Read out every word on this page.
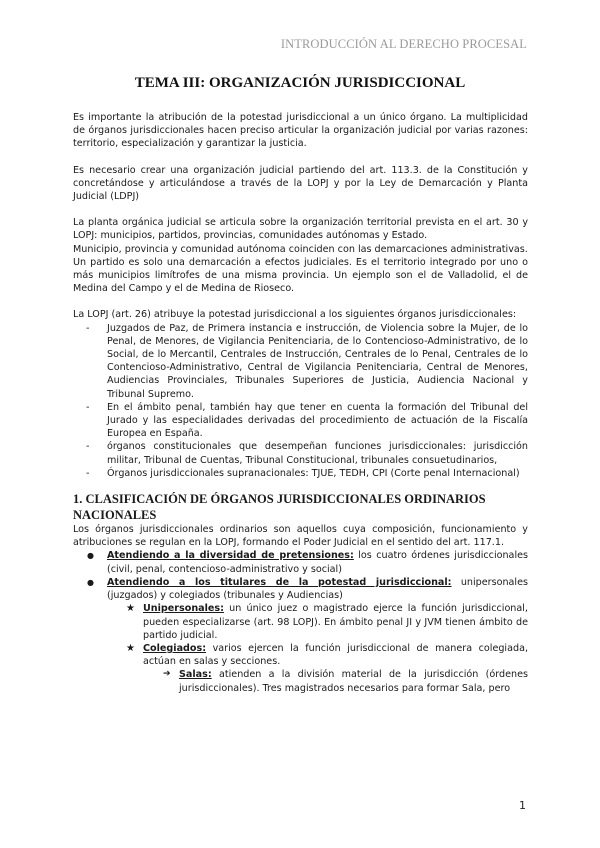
INTRODUCCIÓN AL DERECHO PROCESAL
TEMA III: ORGANIZACIÓN JURISDICCIONAL

Es importante la atribución de la potestad jurisdiccional a un único órgano. La multiplicidad de órganos jurisdiccionales hacen preciso articular la organización judicial por varias razones: territorio, especialización y garantizar la justicia.

Es necesario crear una organización judicial partiendo del art. 113.3. de la Constitución y concretándose y articulándose a través de la LOPJ y por la Ley de Demarcación y Planta Judicial (LDPJ)

La planta orgánica judicial se articula sobre la organización territorial prevista en el art. 30 y LOPJ: municipios, partidos, provincias, comunidades autónomas y Estado.

Municipio, provincia y comunidad autónoma coinciden con las demarcaciones administrativas.

Un partido es solo una demarcación a efectos judiciales. Es el territorio integrado por uno o más municipios limítrofes de una misma provincia. Un ejemplo son el de Valladolid, el de Medina del Campo y el de Medina de Rioseco.

La LOPJ (art. 26) atribuye la potestad jurisdiccional a los siguientes órganos jurisdiccionales:

- Juzgados de Paz, de Primera instancia e instrucción, de Violencia sobre la Mujer, de lo Penal, de Menores, de Vigilancia Penitenciaria, de lo Contencioso-Administrativo, de lo Social, de lo Mercantil, Centrales de Instrucción, Centrales de lo Penal, Centrales de lo Contencioso-Administrativo, Central de Vigilancia Penitenciaria, Central de Menores, Audiencias Provinciales, Tribunales Superiores de Justicia, Audiencia Nacional y Tribunal Supremo.
- En el ámbito penal, también hay que tener en cuenta la formación del Tribunal del Jurado y las especialidades derivadas del procedimiento de actuación de la Fiscalía Europea en España.
- órganos constitucionales que desempeñan funciones jurisdiccionales: jurisdicción militar, Tribunal de Cuentas, Tribunal Constitucional, tribunales consuetudinarios,
- Órganos jurisdiccionales supranacionales: TJUE, TEDH, CPI (Corte penal Internacional)
1. CLASIFICACIÓN DE ÓRGANOS JURISDICCIONALES ORDINARIOS NACIONALES

Los órganos jurisdiccionales ordinarios son aquellos cuya composición, funcionamiento y atribuciones se regulan en la LOPJ, formando el Poder Judicial en el sentido del art. 117.1.

● Atendiendo a la diversidad de pretensiones: los cuatro órdenes jurisdiccionales (civil, penal, contencioso-administrativo y social)
● Atendiendo a los titulares de la potestad jurisdiccional: unipersonales (juzgados) y colegiados (tribunales y Audiencias)
★ Unipersonales: un único juez o magistrado ejerce la función jurisdiccional, pueden especializarse (art. 98 LOPJ). En ámbito penal JI y JVM tienen ámbito de partido judicial.
★ Colegiados: varios ejercen la función jurisdiccional de manera colegiada, actúan en salas y secciones.
➔ Salas: atienden a la división material de la jurisdicción (órdenes jurisdiccionales). Tres magistrados necesarios para formar Sala, pero
1
